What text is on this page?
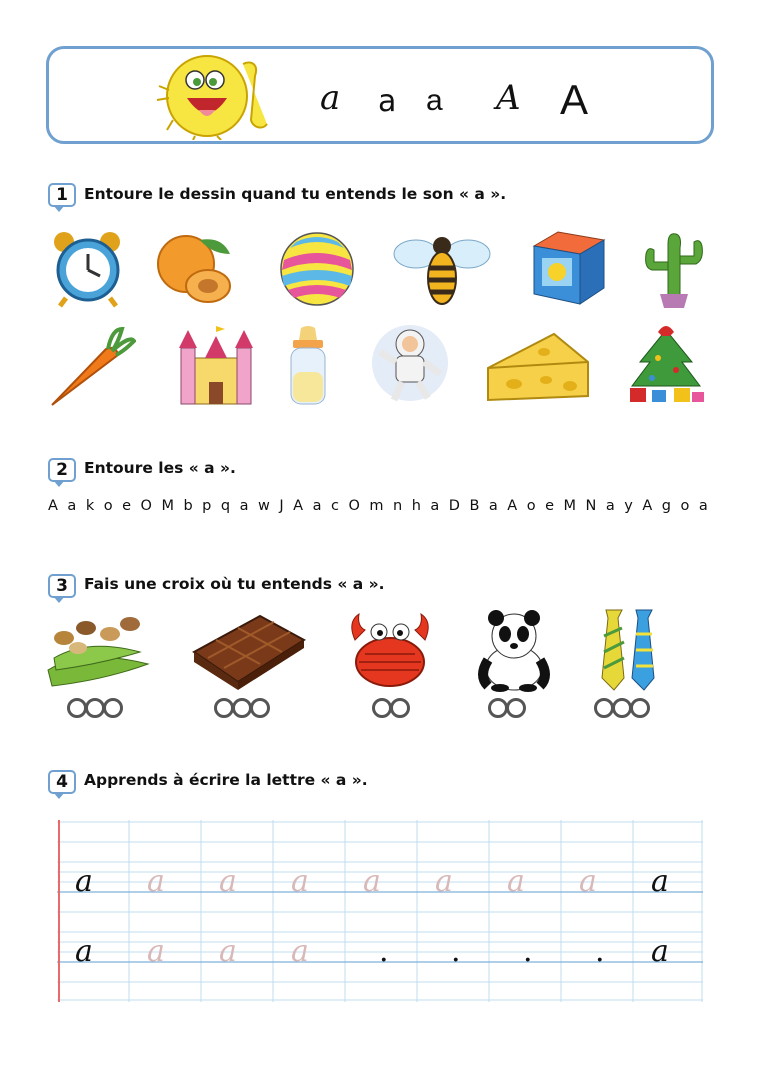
a a a A A
1	Entoure le dessin quand tu entends le son « a ».
2	Entoure les « a ».
A a k o e O M b p q a w J A a c O m n h a D B a A o e M N a y A g o a
3	Fais une croix où tu entends « a ».
4	Apprends à écrire la lettre « a ».
a a a a a a a a a
a a a a . . . . a
